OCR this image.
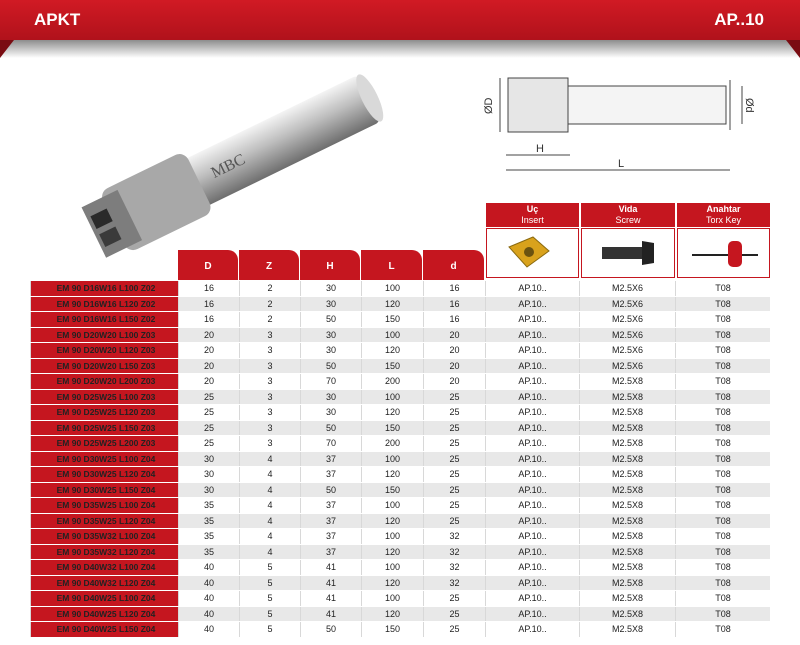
APKT	AP..10
MBC
ØD	Ød
H
L
Uç
Insert
Vida
Screw
Anahtar
Torx Key
D	Z	H	L	d
EM 90 D16W16 L100 Z02	16	2	30	100	16	AP.10..	M2.5X6	T08
EM 90 D16W16 L120 Z02	16	2	30	120	16	AP.10..	M2.5X6	T08
EM 90 D16W16 L150 Z02	16	2	50	150	16	AP.10..	M2.5X6	T08
EM 90 D20W20 L100 Z03	20	3	30	100	20	AP.10..	M2.5X6	T08
EM 90 D20W20 L120 Z03	20	3	30	120	20	AP.10..	M2.5X6	T08
EM 90 D20W20 L150 Z03	20	3	50	150	20	AP.10..	M2.5X6	T08
EM 90 D20W20 L200 Z03	20	3	70	200	20	AP.10..	M2.5X8	T08
EM 90 D25W25 L100 Z03	25	3	30	100	25	AP.10..	M2.5X8	T08
EM 90 D25W25 L120 Z03	25	3	30	120	25	AP.10..	M2.5X8	T08
EM 90 D25W25 L150 Z03	25	3	50	150	25	AP.10..	M2.5X8	T08
EM 90 D25W25 L200 Z03	25	3	70	200	25	AP.10..	M2.5X8	T08
EM 90 D30W25 L100 Z04	30	4	37	100	25	AP.10..	M2.5X8	T08
EM 90 D30W25 L120 Z04	30	4	37	120	25	AP.10..	M2.5X8	T08
EM 90 D30W25 L150 Z04	30	4	50	150	25	AP.10..	M2.5X8	T08
EM 90 D35W25 L100 Z04	35	4	37	100	25	AP.10..	M2.5X8	T08
EM 90 D35W25 L120 Z04	35	4	37	120	25	AP.10..	M2.5X8	T08
EM 90 D35W32 L100 Z04	35	4	37	100	32	AP.10..	M2.5X8	T08
EM 90 D35W32 L120 Z04	35	4	37	120	32	AP.10..	M2.5X8	T08
EM 90 D40W32 L100 Z04	40	5	41	100	32	AP.10..	M2.5X8	T08
EM 90 D40W32 L120 Z04	40	5	41	120	32	AP.10..	M2.5X8	T08
EM 90 D40W25 L100 Z04	40	5	41	100	25	AP.10..	M2.5X8	T08
EM 90 D40W25 L120 Z04	40	5	41	120	25	AP.10..	M2.5X8	T08
EM 90 D40W25 L150 Z04	40	5	50	150	25	AP.10..	M2.5X8	T08
